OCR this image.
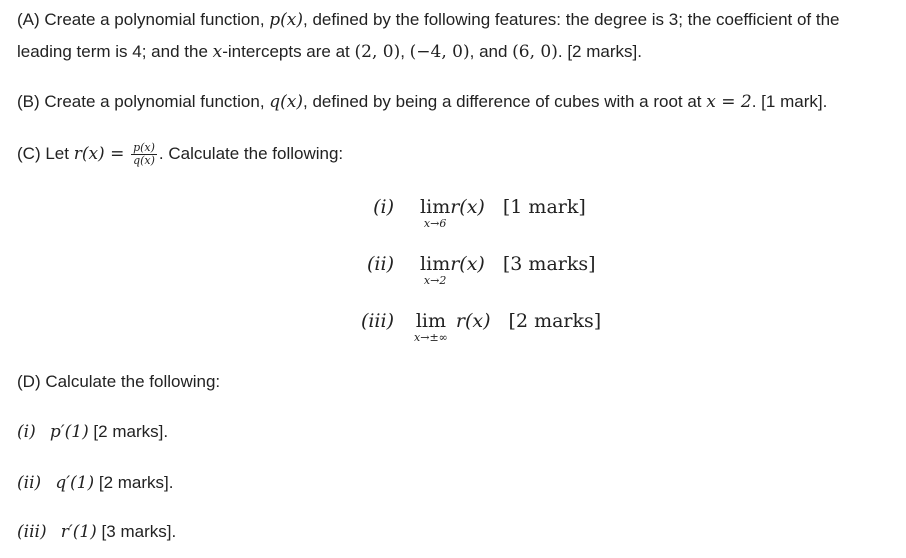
(A) Create a polynomial function, p(x), defined by the following features: the degree is 3; the coefficient of the
leading term is 4; and the x-intercepts are at (2, 0), (−4, 0), and (6, 0). [2 marks].
(B) Create a polynomial function, q(x), defined by being a difference of cubes with a root at x = 2. [1 mark].
(C) Let $r(x) = \frac{p(x)}{q(x)}$ . Calculate the following:
(i) lim
x→6
r(x) [1 mark]
(ii) lim
x→2
r(x) [3 marks]
(iii) lim
x→±∞
r(x) [2 marks]
(D) Calculate the following:
(i) p′(1) [2 marks].
(ii) q′(1) [2 marks].
(iii) r′(1) [3 marks].
